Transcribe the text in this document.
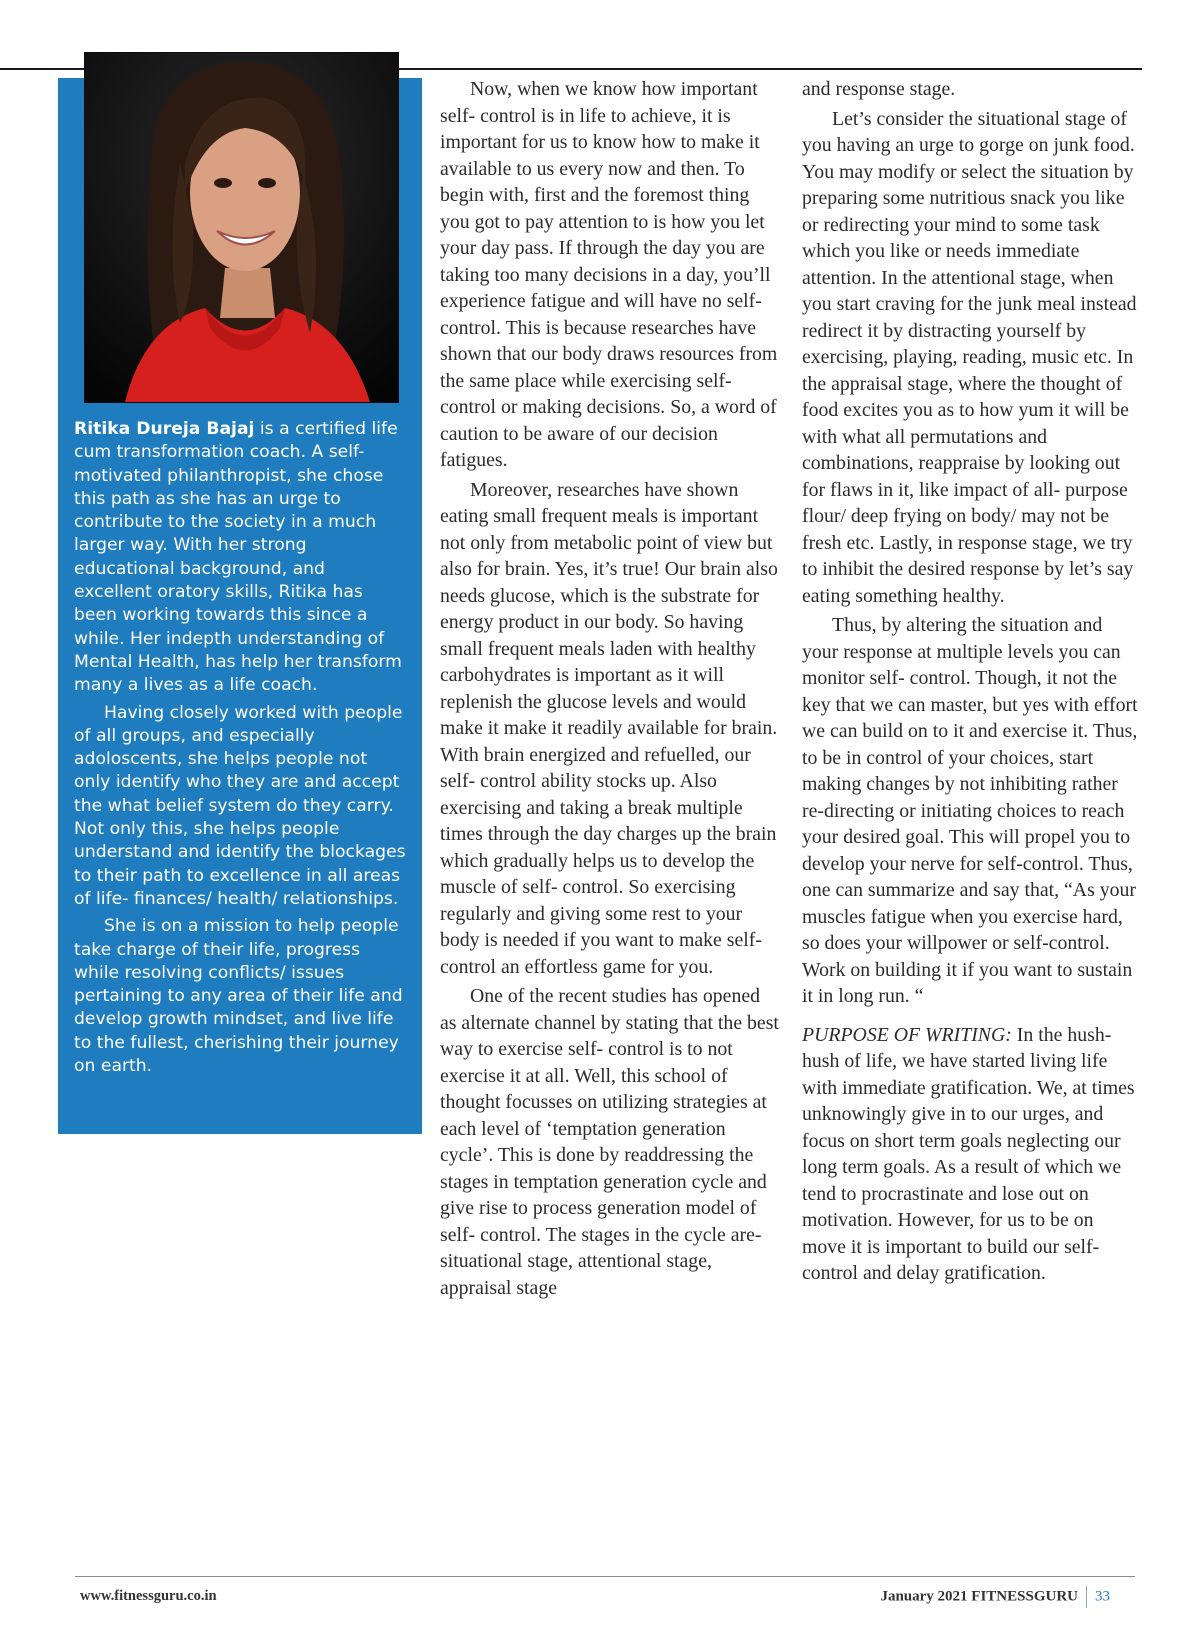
Ritika Dureja Bajaj is a certified life cum transformation coach. A self-motivated philanthropist, she chose this path as she has an urge to contribute to the society in a much larger way. With her strong educational background, and excellent oratory skills, Ritika has been working towards this since a while. Her indepth understanding of Mental Health, has help her transform many a lives as a life coach.

Having closely worked with people of all groups, and especially adoloscents, she helps people not only identify who they are and accept the what belief system do they carry. Not only this, she helps people understand and identify the blockages to their path to excellence in all areas of life- finances/ health/ relationships.

She is on a mission to help people take charge of their life, progress while resolving conflicts/ issues pertaining to any area of their life and develop growth mindset, and live life to the fullest, cherishing their journey on earth.

Now, when we know how important self- control is in life to achieve, it is important for us to know how to make it available to us every now and then. To begin with, first and the foremost thing you got to pay attention to is how you let your day pass. If through the day you are taking too many decisions in a day, you’ll experience fatigue and will have no self-control. This is because researches have shown that our body draws resources from the same place while exercising self- control or making decisions. So, a word of caution to be aware of our decision fatigues.

Moreover, researches have shown eating small frequent meals is important not only from metabolic point of view but also for brain. Yes, it’s true! Our brain also needs glucose, which is the substrate for energy product in our body. So having small frequent meals laden with healthy carbohydrates is important as it will replenish the glucose levels and would make it make it readily available for brain. With brain energized and refuelled, our self- control ability stocks up. Also exercising and taking a break multiple times through the day charges up the brain which gradually helps us to develop the muscle of self- control. So exercising regularly and giving some rest to your body is needed if you want to make self- control an effortless game for you.

One of the recent studies has opened as alternate channel by stating that the best way to exercise self- control is to not exercise it at all. Well, this school of thought focusses on utilizing strategies at each level of ‘temptation generation cycle’. This is done by readdressing the stages in temptation generation cycle and give rise to process generation model of self- control. The stages in the cycle are- situational stage, attentional stage, appraisal stage

and response stage.

Let’s consider the situational stage of you having an urge to gorge on junk food. You may modify or select the situation by preparing some nutritious snack you like or redirecting your mind to some task which you like or needs immediate attention. In the attentional stage, when you start craving for the junk meal instead redirect it by distracting yourself by exercising, playing, reading, music etc. In the appraisal stage, where the thought of food excites you as to how yum it will be with what all permutations and combinations, reappraise by looking out for flaws in it, like impact of all- purpose flour/ deep frying on body/ may not be fresh etc. Lastly, in response stage, we try to inhibit the desired response by let’s say eating something healthy.

Thus, by altering the situation and your response at multiple levels you can monitor self- control. Though, it not the key that we can master, but yes with effort we can build on to it and exercise it. Thus, to be in control of your choices, start making changes by not inhibiting rather re-directing or initiating choices to reach your desired goal. This will propel you to develop your nerve for self-control. Thus, one can summarize and say that, “As your muscles fatigue when you exercise hard, so does your willpower or self-control. Work on building it if you want to sustain it in long run. “

PURPOSE OF WRITING: In the hush- hush of life, we have started living life with immediate gratification. We, at times unknowingly give in to our urges, and focus on short term goals neglecting our long term goals. As a result of which we tend to procrastinate and lose out on motivation. However, for us to be on move it is important to build our self- control and delay gratification.

www.fitnessguru.co.in	January 2021 FITNESSGURU 33
